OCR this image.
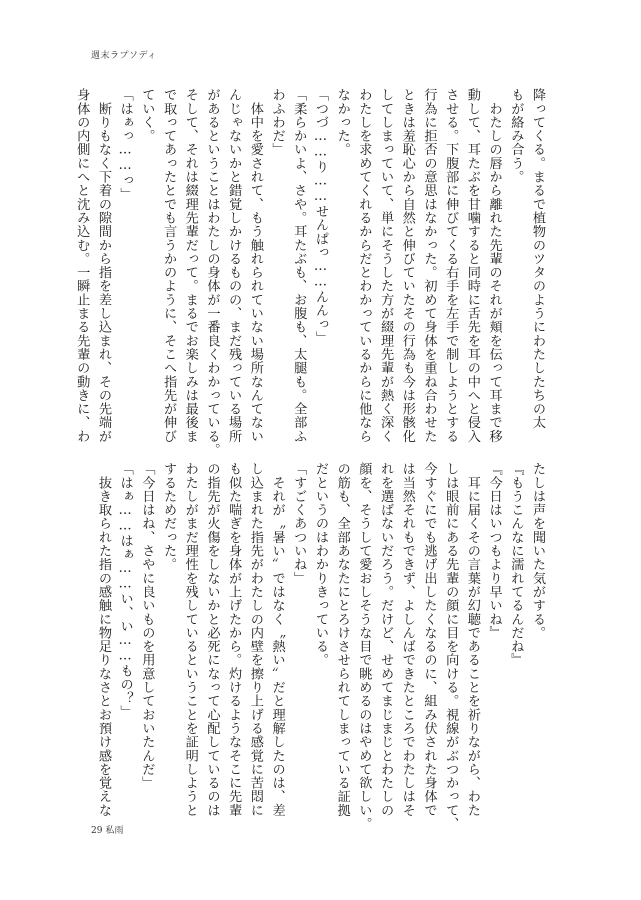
週末ラプソディ
降ってくる。まるで植物のツタのようにわたしたちの太
もが絡み合う。
　わたしの唇から離れた先輩のそれが頬を伝って耳まで移
動して、耳たぶを甘噛すると同時に舌先を耳の中へと侵入
させる。下腹部に伸びてくる右手を左手で制しようとする
行為に拒否の意思はなかった。初めて身体を重ね合わせた
ときは羞恥心から自然と伸びていたその行為も今は形骸化
してしまっていて、単にそうした方が綴理先輩が熱く深く
わたしを求めてくれるからだとわかっているからに他なら
なかった。
「つづ……り……せんぱっ……んんっ」
「柔らかいよ、さや。耳たぶも、お腹も、太腿も。全部ふ
わふわだ」
　体中を愛されて、もう触れられていない場所なんてない
んじゃないかと錯覚しかけるものの、まだ残っている場所
があるということはわたしの身体が一番良くわかっている。
そして、それは綴理先輩だって。まるでお楽しみは最後ま
で取ってあったとでも言うかのように、そこへ指先が伸び
ていく。
「はぁっ……っ」
　断りもなく下着の隙間から指を差し込まれ、その先端が
身体の内側にへと沈み込む。一瞬止まる先輩の動きに、わ
たしは声を聞いた気がする。
『もうこんなに濡れてるんだね』
『今日はいつもより早いね』
　耳に届くその言葉が幻聴であることを祈りながら、わた
しは眼前にある先輩の顔に目を向ける。視線がぶつかって、
今すぐにでも逃げ出したくなるのに、組み伏された身体で
は当然それもできず、よしんばできたところでわたしはそ
れを選ばないだろう。だけど、せめてまじまじとわたしの
顔を、そうして愛おしそうな目で眺めるのはやめて欲しい。
の筋も、全部あなたにとろけさせられてしまっている証拠
だというのはわかりきっている。
「すごくあついね」
　それが〝暑い〟ではなく〝熱い〟だと理解したのは、差
し込まれた指先がわたしの内壁を擦り上げる感覚に苦悶に
も似た喘ぎを身体が上げたから。灼けるようなそこに先輩
の指先が火傷をしないかと必死になって心配しているのは
わたしがまだ理性を残しているということを証明しようと
するためだった。
「今日はね、さやに良いものを用意しておいたんだ」
「はぁ……はぁ……い、い……もの？」
　抜き取られた指の感触に物足りなさとお預け感を覚えな
29 私雨
